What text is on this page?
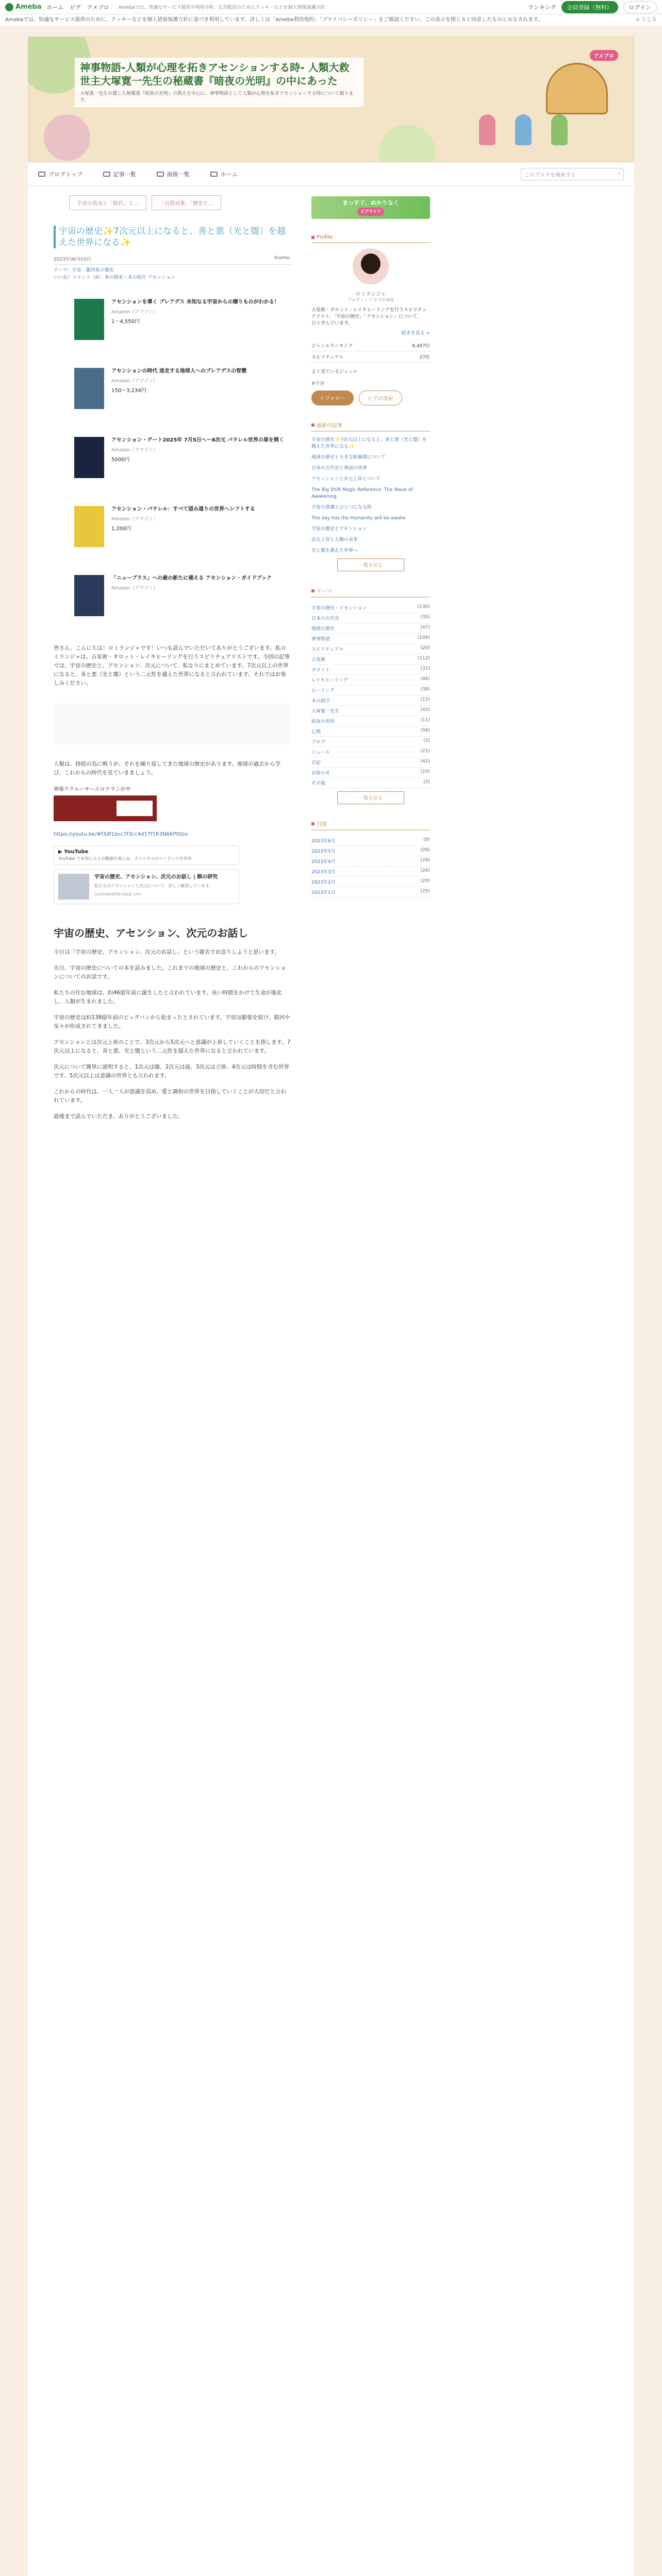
Ameba ホーム ピグ アメブロ	Amebaでは、快適なサービス提供や利用分析、広告配信のためにクッキーなどを個人情報保護方針	ランキング	会員登録（無料）	ログイン
× とじる
Amebaでは、快適なサービス提供のために、クッキーなどを個人情報保護方針に基づき利用しています。詳しくは「Ameba利用規約」「プライバシーポリシー」をご確認ください。この表示を閉じると同意したものとみなされます。
神事物語-人類が心理を拓きアセンションする時- 人類大救世主大塚寛一先生の秘蔵書『暗夜の光明』の中にあった
大塚寛一先生の遺した秘蔵書『暗夜の光明』の教えを中心に、神事物語として人類が心理を拓きアセンションする時について綴ります。
アメブロ
ブログトップ	記事一覧	画像一覧	ホーム	このブログを検索する	⌕
宇宙の真実と「時代」と…	「自殺対策」「歴史と…
宇宙の歴史✨7次元以上になると、善と悪（光と闇）を越えた世界になる✨
2023年06月03日	theme:
テーマ：宇宙・銀河系の歴史
いいね！コメント（0） 本の探求・本の紹介 アセンション
アセンションを導く プレアデス 未知なる宇宙からの贈りものがわかる！
Amazon（アマゾン）
1～4,550円
アセンションの時代 迷走する地球人へのプレアデスの智慧
Amazon（アマゾン）
150～3,234円
アセンション・ゲート2025年 7月5日へ～8次元 パラレル世界の扉を開く
Amazon（アマゾン）
5000円
アセンション・パラレル：すべて望み通りの世界へシフトする
Amazon（アマゾン）
1,200円
「ニュープラス」への最の新たに備える アセンション・ガイドブック
Amazon（アマゾン）
皆さん、こんにちは！ロミランジャです！いつも読んでいただいてありがとうございます。私ロミランジャは、占星術・タロット・レイキヒーリングを行うスピリチュアリストです。今回の記事では、宇宙の歴史と、アセンション、次元について、私なりにまとめています。7次元以上の世界になると、善と悪（光と闇）という二元性を越えた世界になると言われています。それではお楽しみください。
人類は、持続の為に戦うが、それを繰り返してきた地球の歴史があります。地球の過去から学び、これからの時代を見ていきましょう。
神楽ウクルーサーエロテランがや
https://youtu.be/#f3df1bcc7f3cc4d17f1R3N6KPtDzo
▶ YouTube
YouTube でお気に入りの動画を楽しみ、オリジナルのコンテンツを共有
宇宙の歴史、アセンション、次元のお話し | 瞑の研究
私たちのアセンションと次元について、詳しく解説しています。
southwoethe.blog.com
宇宙の歴史、アセンション、次元のお話し
今日は「宇宙の歴史、アセンション、次元のお話し」という題名でお送りしようと思います。
先日、宇宙の歴史についての本を読みました。これまでの地球の歴史と、これからのアセンションについてのお話です。
私たちの住む地球は、約46億年前に誕生したと言われています。長い時間をかけて生命が進化し、人類が生まれました。
宇宙の歴史は約138億年前のビッグバンから始まったとされています。宇宙は膨張を続け、銀河や星々が形成されてきました。
アセンションとは次元上昇のことで、3次元から5次元へと意識が上昇していくことを指します。7次元以上になると、善と悪、光と闇という二元性を超えた世界になると言われています。
次元について簡単に説明すると、1次元は線、2次元は面、3次元は立体、4次元は時間を含む世界です。5次元以上は意識の世界とも言われます。
これからの時代は、一人一人が意識を高め、愛と調和の世界を目指していくことが大切だと言われています。
最後まで読んでいただき、ありがとうございました。
まっすぐ、ぬかりなく
ピグライフ
Profile
ロミランジャ
ブログトップ ピグの部屋
占星術・タロット・レイキヒーリングを行うスピリチュアリスト。「宇宙の歴史」「アセンション」について、日々学んでいます。
続きを見る >
ジャンルランキング	8,497位
スピリチュアル	27位
よく見ているジャンル
#宇宙
＋フォロー	ピグの部屋
最新の記事
宇宙の歴史✨7次元以上になると、善と悪（光と闇）を越えた世界になる✨
地球の歴史と大きな転換期について
日本の古代史と神話の世界
アセンションと次元上昇について
The Big Shift Magic Reference: The Wave of Awakening
宇宙の意識とひとつになる時
The day has the Humanity will be awake
宇宙の歴史とアセンション
次元上昇と人類の未来
光と闇を越えた世界へ
一覧を見る
テーマ
宇宙の歴史・アセンション	(130)
日本の古代史	(35)
地球の歴史	(47)
神事物語	(109)
スピリチュアル	(20)
占星術	(112)
タロット	(31)
レイキヒーリング	(46)
ヒーリング	(38)
本の紹介	(15)
大塚寛一先生	(42)
暗夜の光明	(11)
心理	(56)
ブログ	(3)
ニュース	(21)
日記	(41)
お知らせ	(10)
その他	(5)
一覧を見る
月別
2023年6月	(9)
2023年5月	(28)
2023年4月	(29)
2023年3月	(24)
2023年2月	(20)
2023年1月	(25)
